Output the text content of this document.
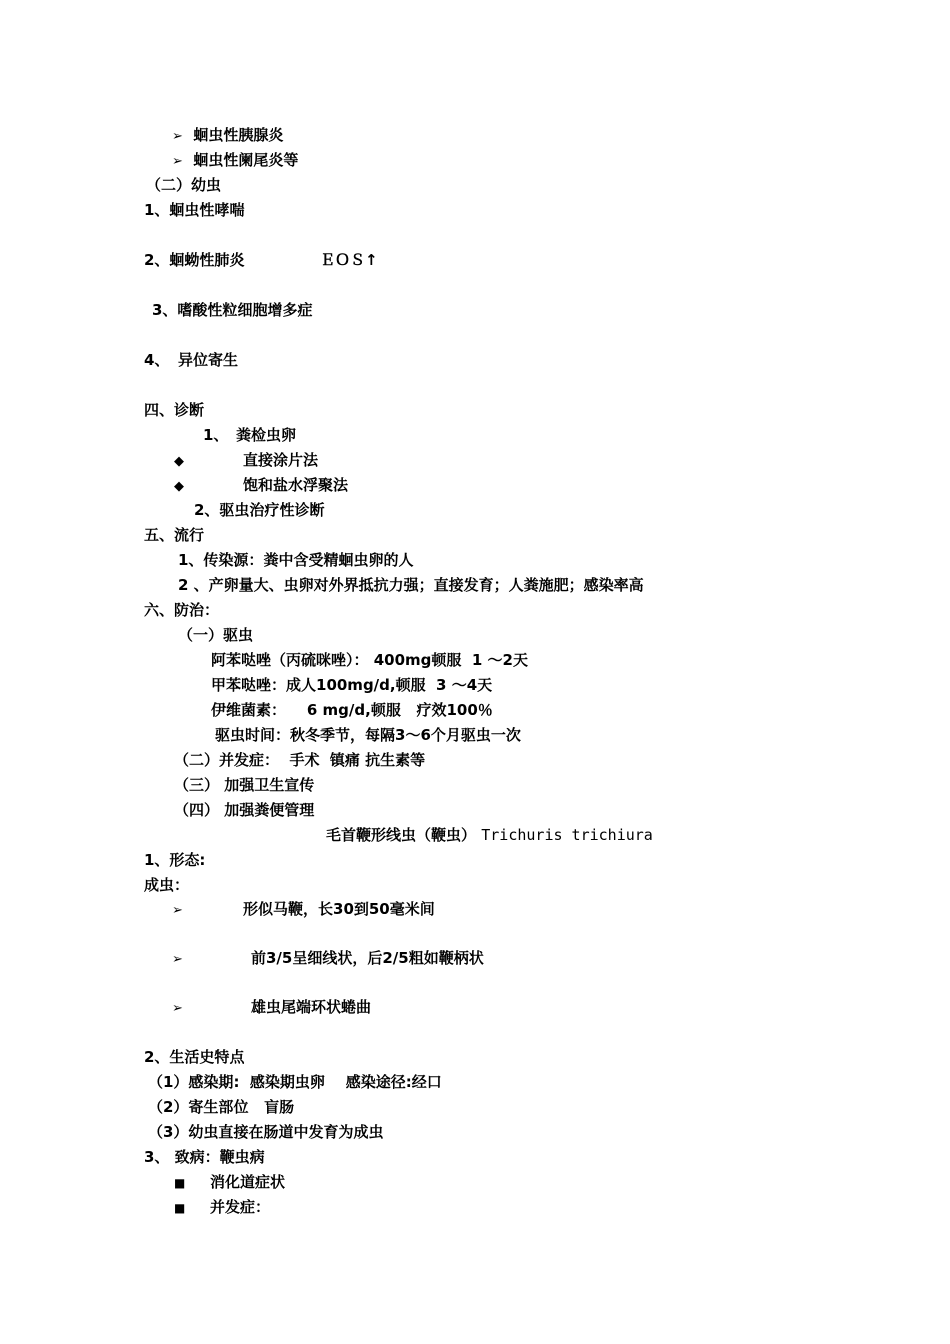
➢ 蛔虫性胰腺炎
➢ 蛔虫性阑尾炎等
（二）幼虫
1、蛔虫性哮喘
2、蛔蚴性肺炎	ＥＯＳ↑
3、嗜酸性粒细胞增多症
4、 异位寄生
四、诊断
1、 粪检虫卵
◆	直接涂片法
◆	饱和盐水浮聚法
2、驱虫治疗性诊断
五、流行
1、传染源：粪中含受精蛔虫卵的人
2 、产卵量大、虫卵对外界抵抗力强；直接发育；人粪施肥；感染率高
六、防治：
（一）驱虫
阿苯哒唑（丙硫咪唑）： 400mg顿服  1 ～2天
甲苯哒唑：成人100mg/d,顿服  3 ～4天
伊维菌素：    6 mg/d,顿服   疗效100％
驱虫时间：秋冬季节，每隔3～6个月驱虫一次
（二）并发症：  手术  镇痛 抗生素等
（三） 加强卫生宣传
（四） 加强粪便管理
毛首鞭形线虫（鞭虫） Trichuris trichiura
1、形态:
成虫：
➢	形似马鞭，长30到50毫米间
➢	前3/5呈细线状，后2/5粗如鞭柄状
➢	雄虫尾端环状蜷曲
2、生活史特点
（1）感染期:  感染期虫卵    感染途径:经口
（2）寄生部位   盲肠
（3）幼虫直接在肠道中发育为成虫
3、 致病：鞭虫病
■ 消化道症状
■ 并发症：
